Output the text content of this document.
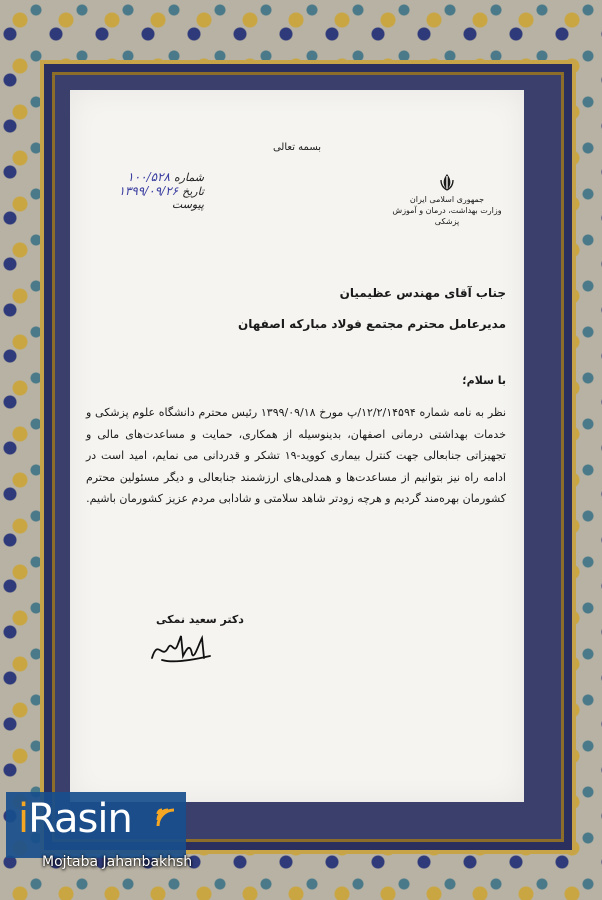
بسمه تعالی
جمهوری اسلامی ایران
وزارت بهداشت، درمان و آموزش پزشکی
شماره
۱۰۰/۵۲۸
تاریخ
۱۳۹۹/۰۹/۲۶
پیوست
جناب آقای مهندس عظیمیان
مدیرعامل محترم مجتمع فولاد مبارکه اصفهان
با سلام؛
نظر به نامه شماره ۱۲/۲/۱۴۵۹۴/پ مورخ ۱۳۹۹/۰۹/۱۸ رئیس محترم دانشگاه علوم پزشکی و خدمات بهداشتی درمانی اصفهان، بدینوسیله از همکاری، حمایت و مساعدت‌های مالی و تجهیزاتی جنابعالی جهت کنترل بیماری کووید-۱۹ تشکر و قدردانی می نمایم، امید است در ادامه راه نیز بتوانیم از مساعدت‌ها و همدلی‌های ارزشمند جنابعالی و دیگر مسئولین محترم کشورمان بهره‌مند گردیم و هرچه زودتر شاهد سلامتی و شادابی مردم عزیز کشورمان باشیم.
دکتر سعید نمکی
iRasin
Mojtaba Jahanbakhsh
